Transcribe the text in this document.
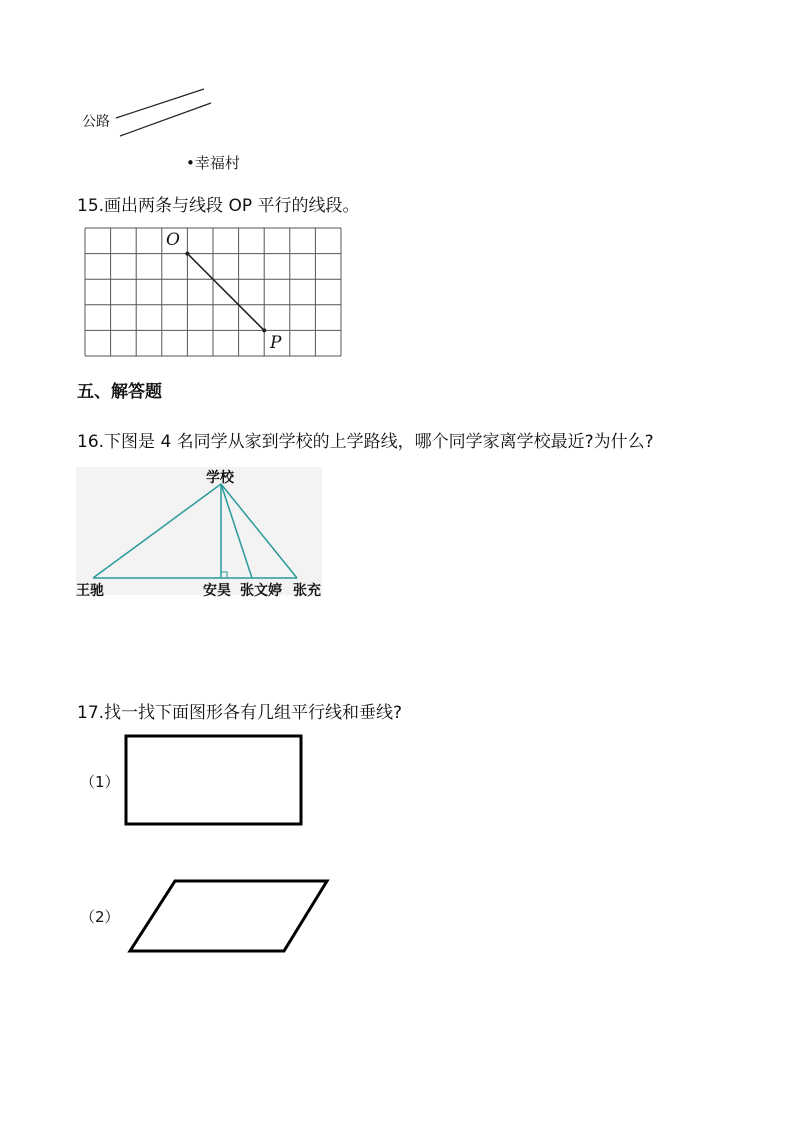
公路
•幸福村
15.画出两条与线段 OP 平行的线段。
O
P
五、解答题
16.下图是 4 名同学从家到学校的上学路线，哪个同学家离学校最近?为什么?
学校
王驰	安昊 张文婷 张充
17.找一找下面图形各有几组平行线和垂线?
（1）
（2）
